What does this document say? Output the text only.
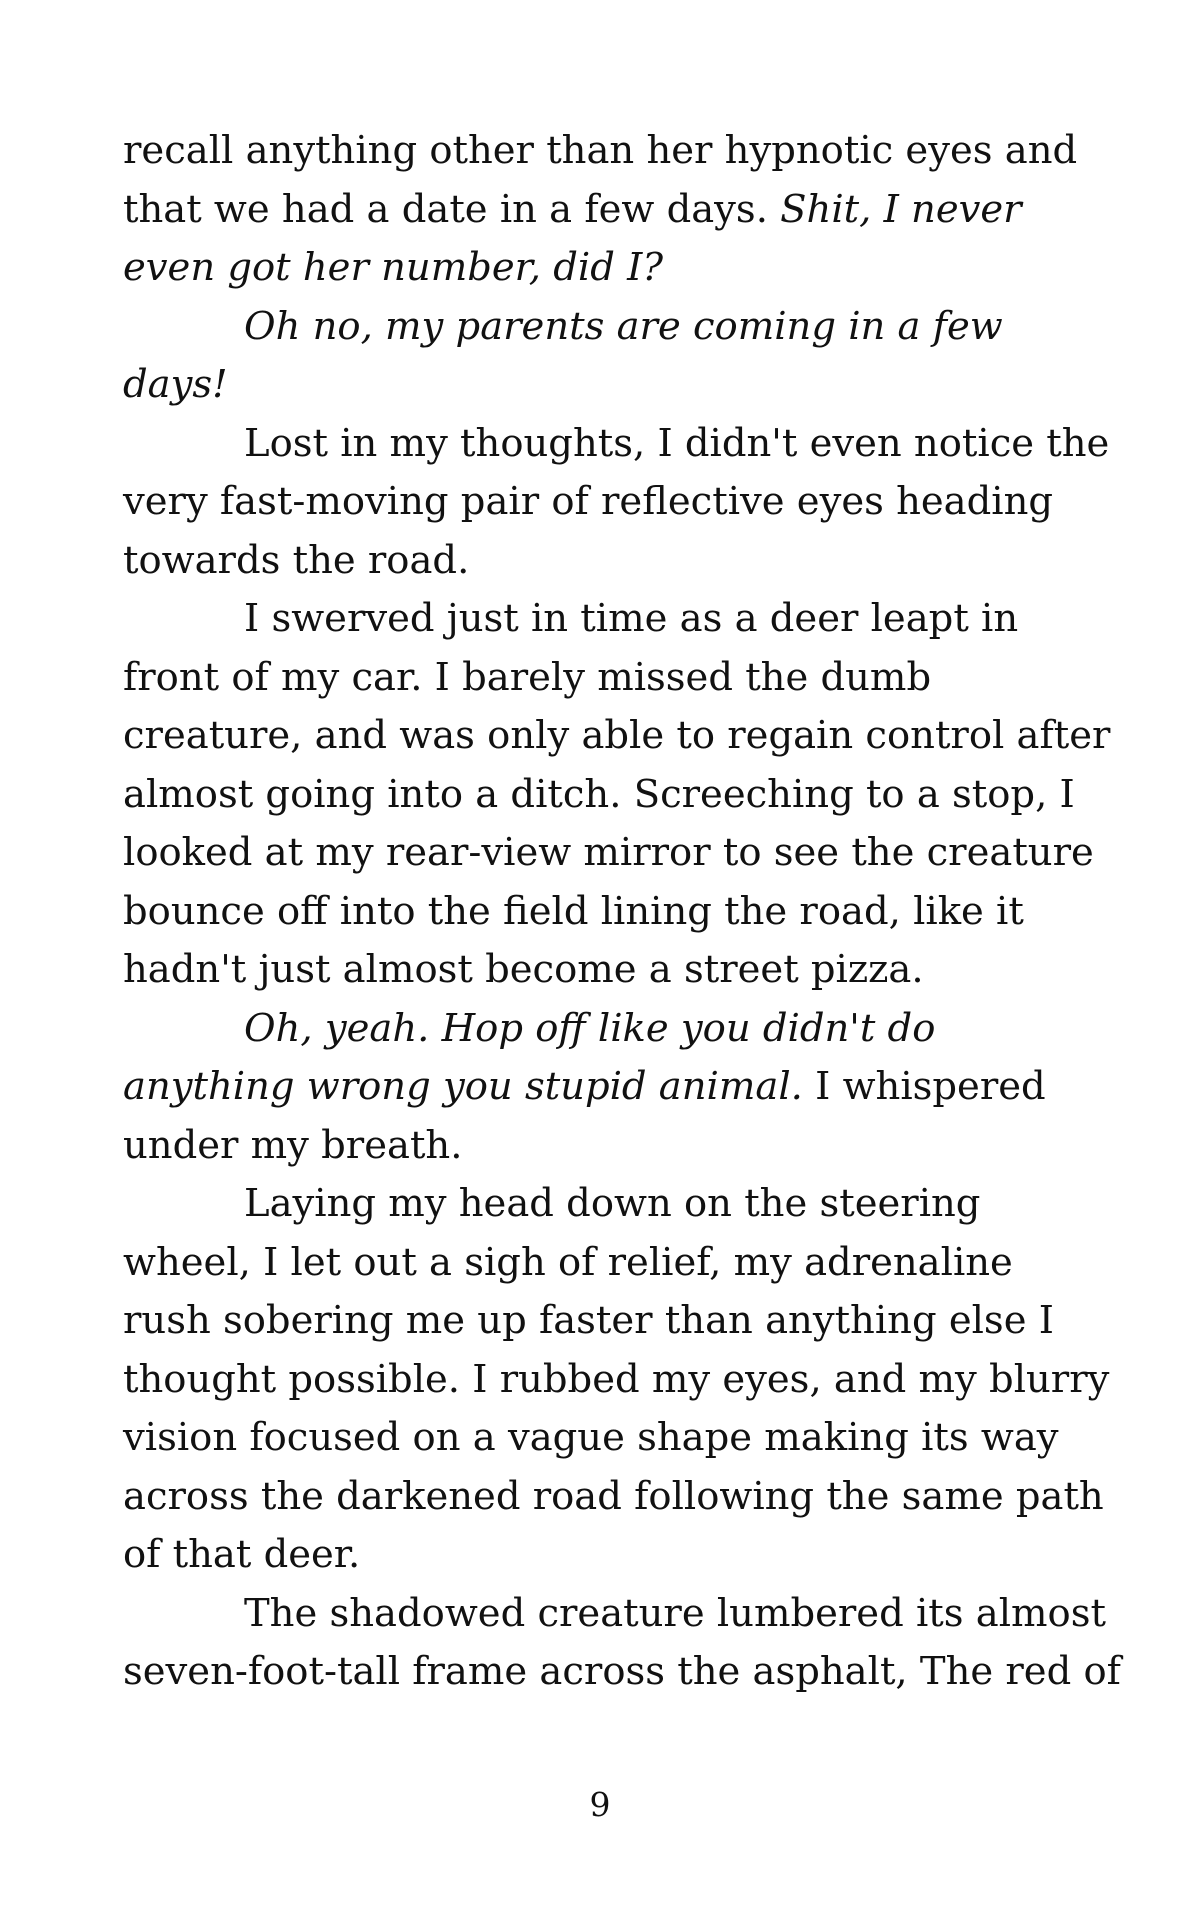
recall anything other than her hypnotic eyes and
that we had a date in a few days. Shit, I never
even got her number, did I?
Oh no, my parents are coming in a few
days!
Lost in my thoughts, I didn't even notice the
very fast-moving pair of reflective eyes heading
towards the road.
I swerved just in time as a deer leapt in
front of my car. I barely missed the dumb
creature, and was only able to regain control after
almost going into a ditch. Screeching to a stop, I
looked at my rear-view mirror to see the creature
bounce off into the field lining the road, like it
hadn't just almost become a street pizza.
Oh, yeah. Hop off like you didn't do
anything wrong you stupid animal. I whispered
under my breath.
Laying my head down on the steering
wheel, I let out a sigh of relief, my adrenaline
rush sobering me up faster than anything else I
thought possible. I rubbed my eyes, and my blurry
vision focused on a vague shape making its way
across the darkened road following the same path
of that deer.
The shadowed creature lumbered its almost
seven-foot-tall frame across the asphalt, The red of
9
